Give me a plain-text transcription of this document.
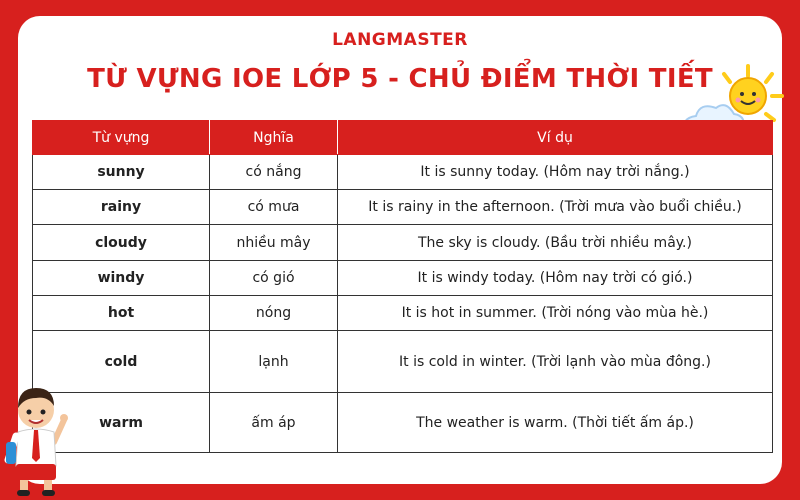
LANGMASTER
TỪ VỰNG IOE LỚP 5 - CHỦ ĐIỂM THỜI TIẾT
Từ vựng	Nghĩa	Ví dụ
sunny	có nắng	It is sunny today. (Hôm nay trời nắng.)
rainy	có mưa	It is rainy in the afternoon. (Trời mưa vào buổi chiều.)
cloudy	nhiều mây	The sky is cloudy. (Bầu trời nhiều mây.)
windy	có gió	It is windy today. (Hôm nay trời có gió.)
hot	nóng	It is hot in summer. (Trời nóng vào mùa hè.)
cold	lạnh	It is cold in winter. (Trời lạnh vào mùa đông.)
warm	ấm áp	The weather is warm. (Thời tiết ấm áp.)
